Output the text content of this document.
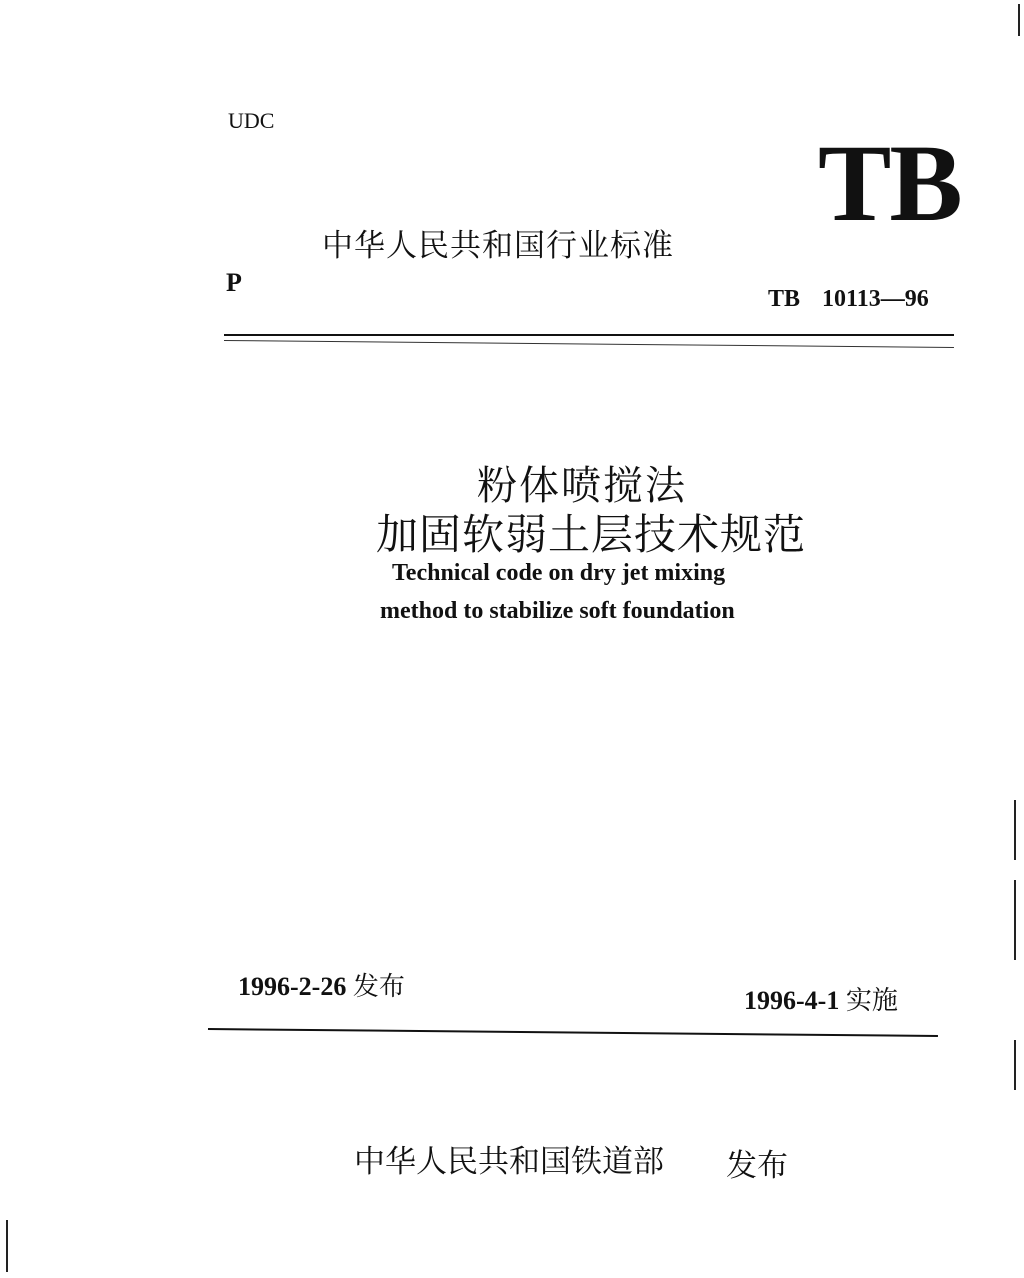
UDC
中华人民共和国行业标准
TB
P
TB 10113—96
粉体喷搅法
加固软弱土层技术规范
Technical code on dry jet mixing
method to stabilize soft foundation
1996-2-26 发布	1996-4-1 实施
中华人民共和国铁道部 发布
